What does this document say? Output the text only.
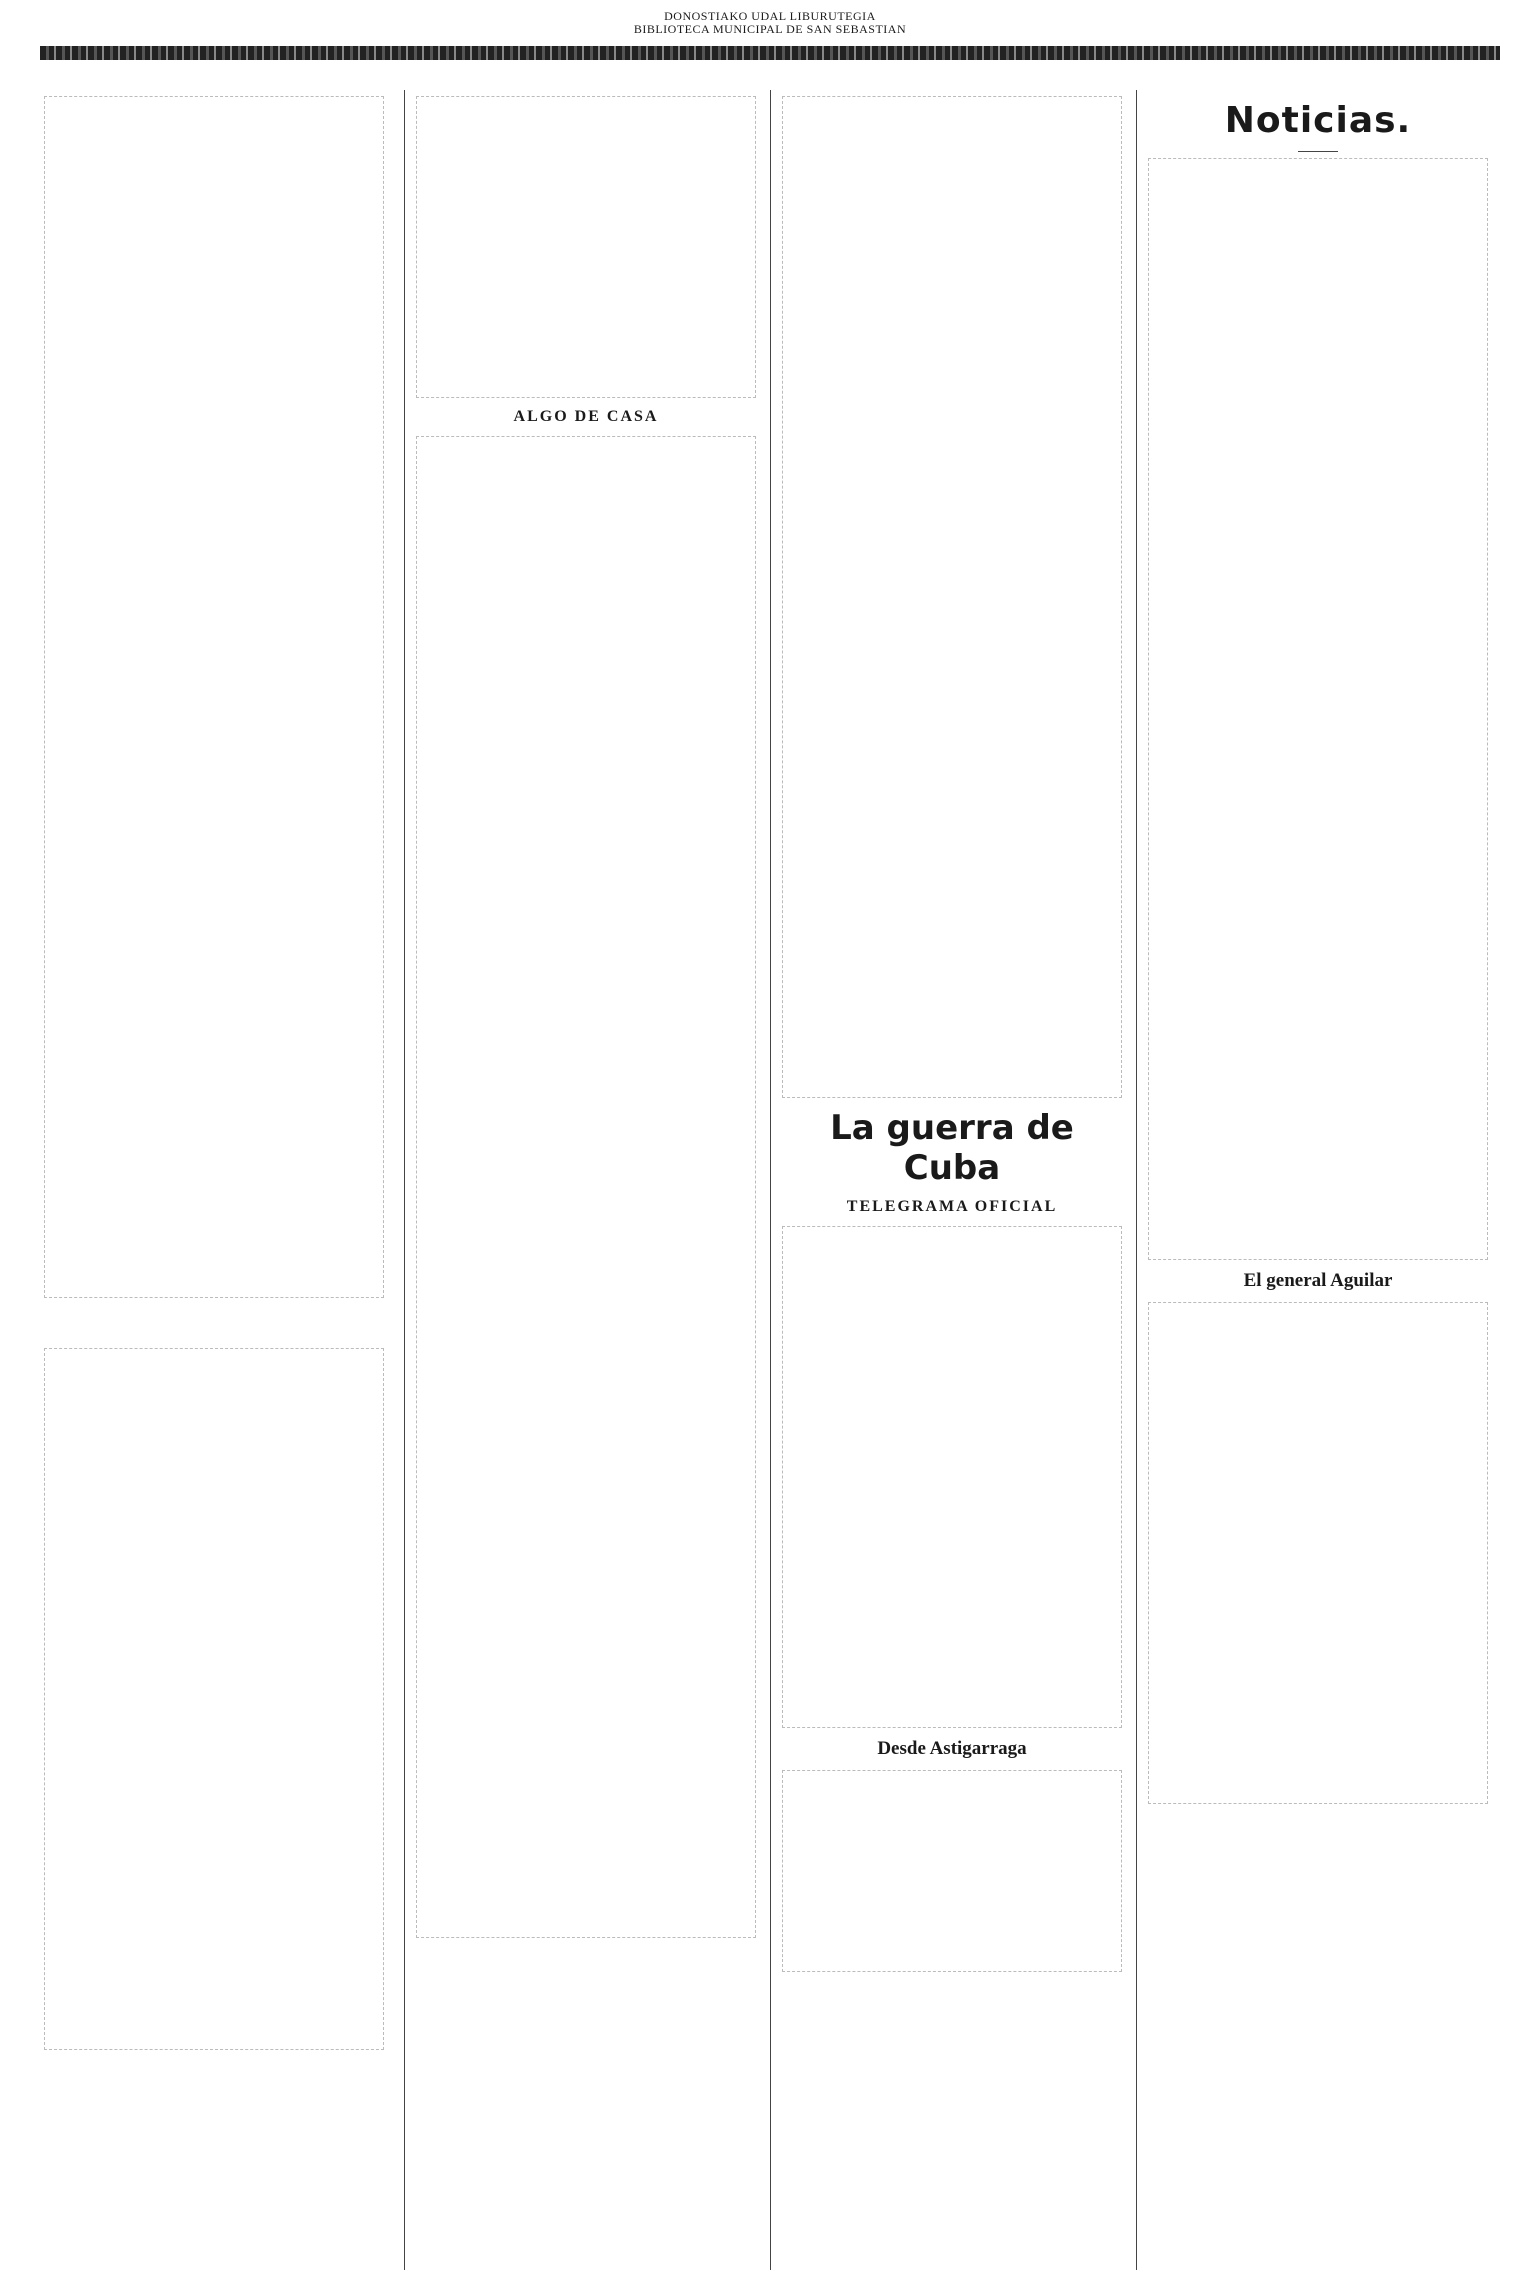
DONOSTIAKO UDAL LIBURUTEGIA
BIBLIOTECA MUNICIPAL DE SAN SEBASTIAN

ALGO DE CASA
La guerra de Cuba
TELEGRAMA OFICIAL
Desde Astigarraga
Noticias.
El general Aguilar
